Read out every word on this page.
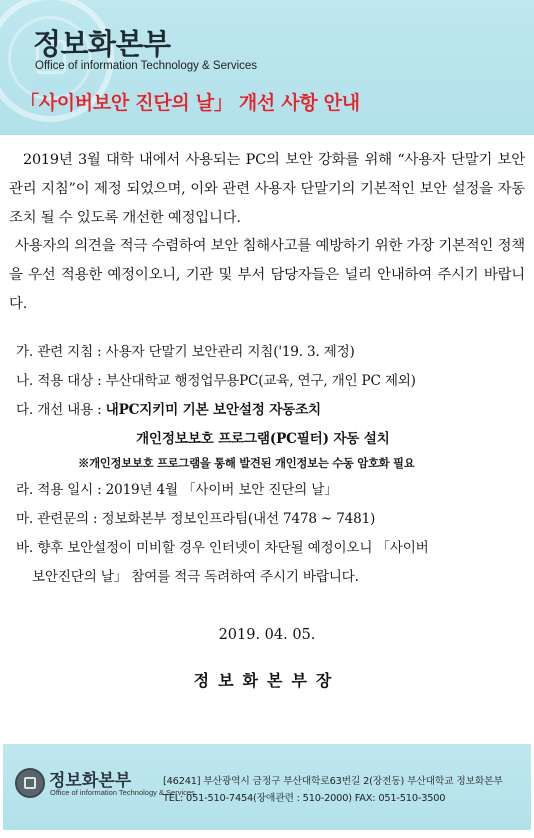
정보화본부
Office of information Technology & Services
「사이버보안 진단의 날」 개선 사항 안내
2019년 3월 대학 내에서 사용되는 PC의 보안 강화를 위해 “사용자 단말기 보안관리 지침”이 제정 되었으며, 이와 관련 사용자 단말기의 기본적인 보안 설정을 자동 조치 될 수 있도록 개선한 예정입니다.
사용자의 의견을 적극 수렴하여 보안 침해사고를 예방하기 위한 가장 기본적인 정책을 우선 적용한 예정이오니, 기관 및 부서 담당자들은 널리 안내하여 주시기 바랍니다.
가. 관련 지침 : 사용자 단말기 보안관리 지침('19. 3. 제정)
나. 적용 대상 : 부산대학교 행정업무용PC(교육, 연구, 개인 PC 제외)
다. 개선 내용 : 내PC지키미 기본 보안설정 자동조치
개인정보보호 프로그램(PC필터) 자동 설치
※개인정보보호 프로그램을 통해 발견된 개인정보는 수동 암호화 필요
라. 적용 일시 : 2019년 4월 「사이버 보안 진단의 날」
마. 관련문의 : 정보화본부 정보인프라팀(내선 7478 ~ 7481)
바. 향후 보안설정이 미비할 경우 인터넷이 차단될 예정이오니 「사이버
보안진단의 날」 참여를 적극 독려하여 주시기 바랍니다.
2019. 04. 05.
정보화본부장
정보화본부
Office of information Technology & Services
[46241] 부산광역시 금정구 부산대학로63번길 2(장전동) 부산대학교 정보화본부
TEL: 051-510-7454(장애관련 : 510-2000) FAX: 051-510-3500
